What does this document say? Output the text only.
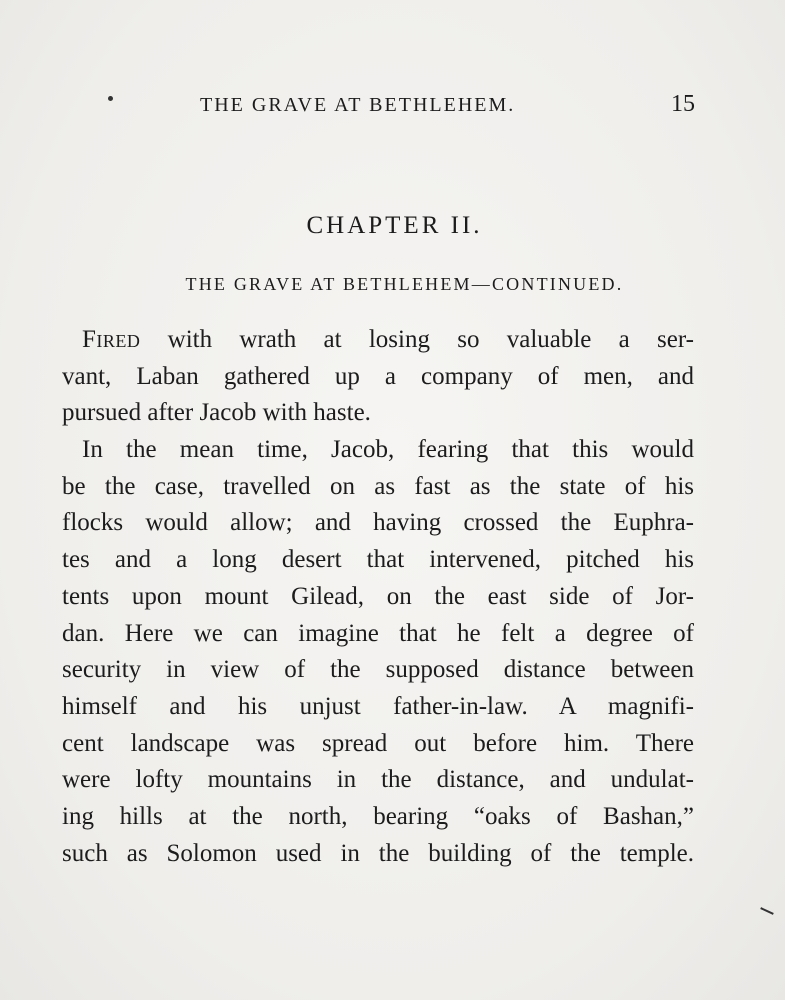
THE GRAVE AT BETHLEHEM.	15
CHAPTER II.
THE GRAVE AT BETHLEHEM—CONTINUED.
Fired with wrath at losing so valuable a ser-
vant, Laban gathered up a company of men, and
pursued after Jacob with haste.
In the mean time, Jacob, fearing that this would
be the case, travelled on as fast as the state of his
flocks would allow; and having crossed the Euphra-
tes and a long desert that intervened, pitched his
tents upon mount Gilead, on the east side of Jor-
dan. Here we can imagine that he felt a degree of
security in view of the supposed distance between
himself and his unjust father-in-law. A magnifi-
cent landscape was spread out before him. There
were lofty mountains in the distance, and undulat-
ing hills at the north, bearing “oaks of Bashan,”
such as Solomon used in the building of the temple.
